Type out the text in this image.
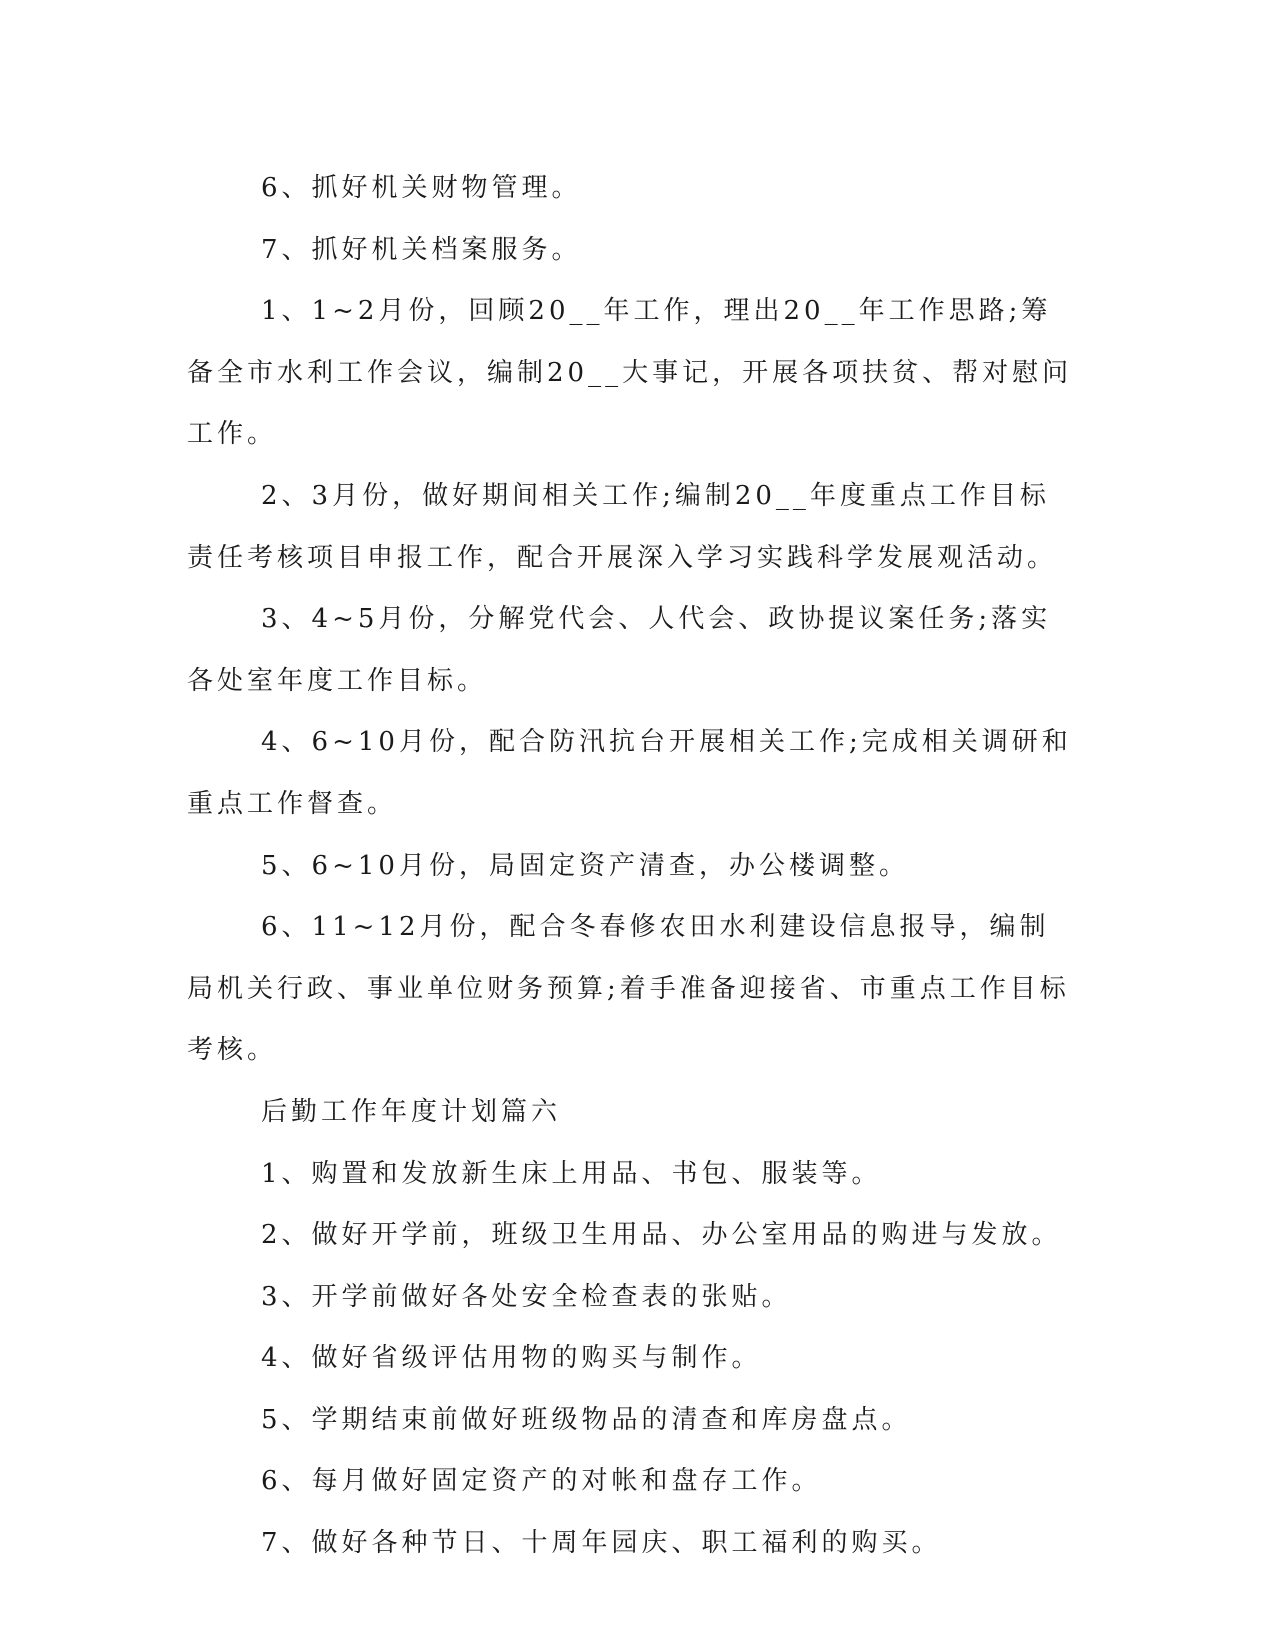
6、抓好机关财物管理。

7、抓好机关档案服务。

1、1~2月份，回顾20__年工作，理出20__年工作思路;筹备全市水利工作会议，编制20__大事记，开展各项扶贫、帮对慰问工作。

2、3月份，做好期间相关工作;编制20__年度重点工作目标责任考核项目申报工作，配合开展深入学习实践科学发展观活动。

3、4~5月份，分解党代会、人代会、政协提议案任务;落实各处室年度工作目标。

4、6~10月份，配合防汛抗台开展相关工作;完成相关调研和重点工作督查。

5、6~10月份，局固定资产清查，办公楼调整。

6、11~12月份，配合冬春修农田水利建设信息报导，编制局机关行政、事业单位财务预算;着手准备迎接省、市重点工作目标考核。

后勤工作年度计划篇六

1、购置和发放新生床上用品、书包、服装等。

2、做好开学前，班级卫生用品、办公室用品的购进与发放。

3、开学前做好各处安全检查表的张贴。

4、做好省级评估用物的购买与制作。

5、学期结束前做好班级物品的清查和库房盘点。

6、每月做好固定资产的对帐和盘存工作。

7、做好各种节日、十周年园庆、职工福利的购买。
